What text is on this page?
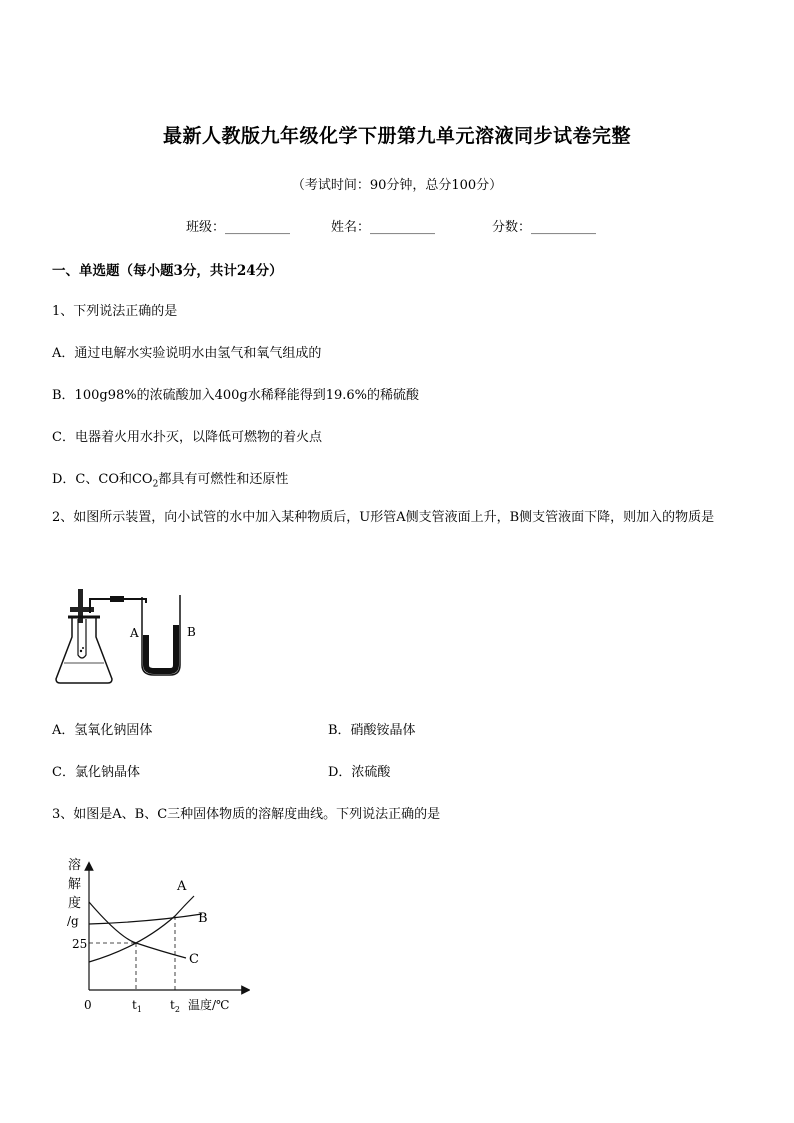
最新人教版九年级化学下册第九单元溶液同步试卷完整
（考试时间：90分钟，总分100分）
班级：__________	姓名：__________	分数：__________
一、单选题（每小题3分，共计24分）
1、下列说法正确的是
A．通过电解水实验说明水由氢气和氧气组成的
B．100g98%的浓硫酸加入400g水稀释能得到19.6%的稀硫酸
C．电器着火用水扑灭，以降低可燃物的着火点
D．C、CO和$CO_2$都具有可燃性和还原性
2、如图所示装置，向小试管的水中加入某种物质后，U形管A侧支管液面上升，B侧支管液面下降，则加入的物质是
A	B
A．氢氧化钠固体	B．硝酸铵晶体
C．氯化钠晶体	D．浓硫酸
3、如图是A、B、C三种固体物质的溶解度曲线。下列说法正确的是
溶
解
度
/g
25
0
A
B
C
$t_1$ $t_2$ 温度/℃
